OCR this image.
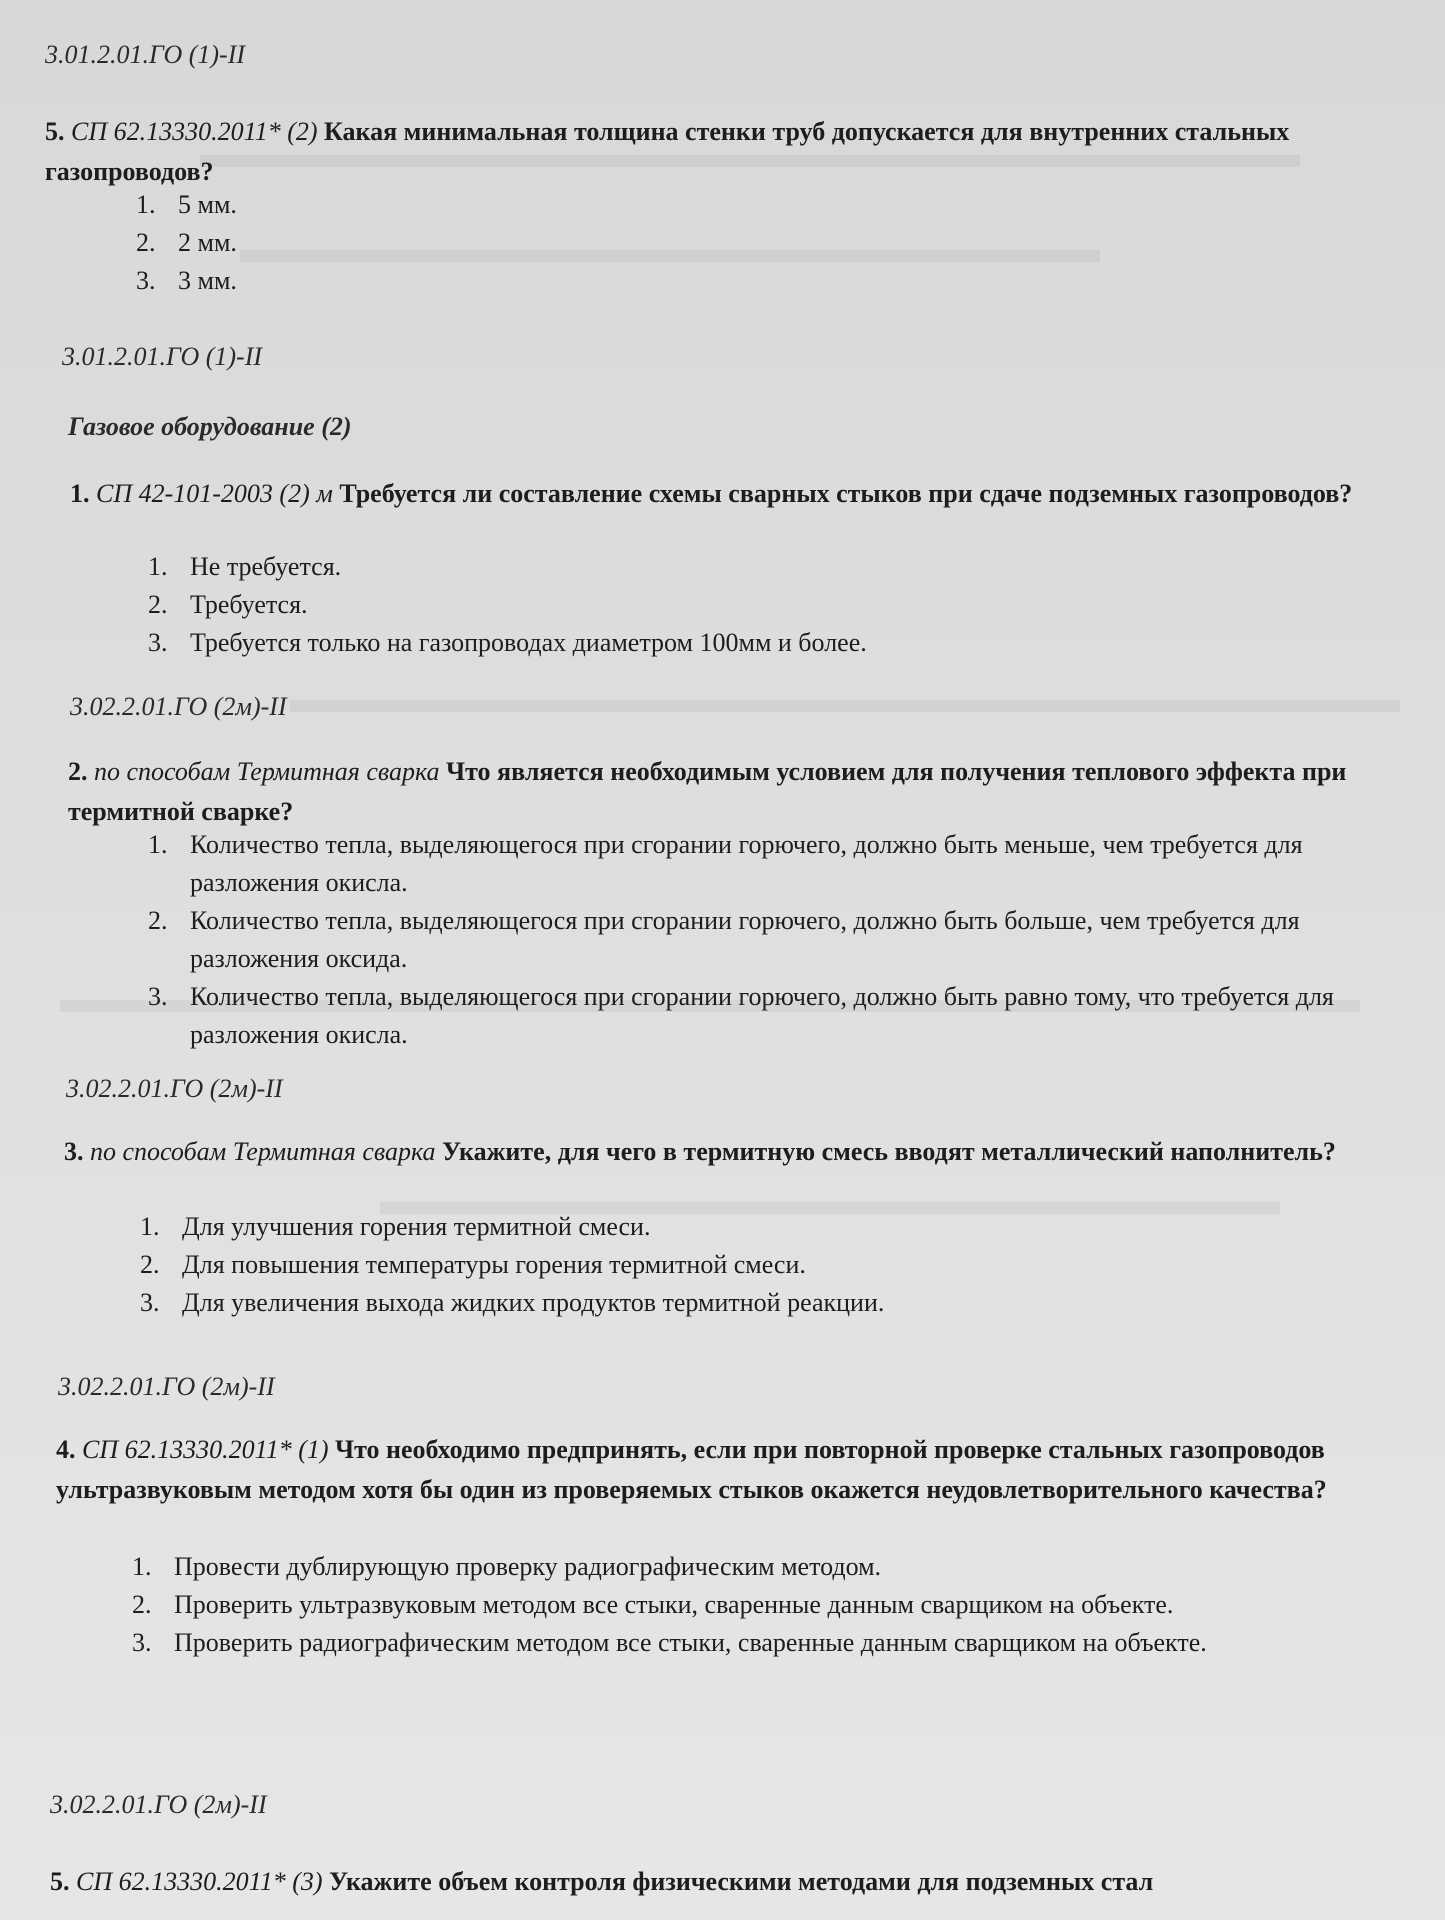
3.01.2.01.ГО (1)-II
5. СП 62.13330.2011* (2) Какая минимальная толщина стенки труб допускается для внутренних стальных газопроводов?
1. 5 мм.
2. 2 мм.
3. 3 мм.
3.01.2.01.ГО (1)-II
Газовое оборудование (2)
1. СП 42-101-2003 (2) м Требуется ли составление схемы сварных стыков при сдаче подземных газопроводов?
1. Не требуется.
2. Требуется.
3. Требуется только на газопроводах диаметром 100мм и более.
3.02.2.01.ГО (2м)-II
2. по способам Термитная сварка Что является необходимым условием для получения теплового эффекта при термитной сварке?
1. Количество тепла, выделяющегося при сгорании горючего, должно быть меньше, чем требуется для разложения окисла.
2. Количество тепла, выделяющегося при сгорании горючего, должно быть больше, чем требуется для разложения оксида.
3. Количество тепла, выделяющегося при сгорании горючего, должно быть равно тому, что требуется для разложения окисла.
3.02.2.01.ГО (2м)-II
3. по способам Термитная сварка Укажите, для чего в термитную смесь вводят металлический наполнитель?
1. Для улучшения горения термитной смеси.
2. Для повышения температуры горения термитной смеси.
3. Для увеличения выхода жидких продуктов термитной реакции.
3.02.2.01.ГО (2м)-II
4. СП 62.13330.2011* (1) Что необходимо предпринять, если при повторной проверке стальных газопроводов ультразвуковым методом хотя бы один из проверяемых стыков окажется неудовлетворительного качества?
1. Провести дублирующую проверку радиографическим методом.
2. Проверить ультразвуковым методом все стыки, сваренные данным сварщиком на объекте.
3. Проверить радиографическим методом все стыки, сваренные данным сварщиком на объекте.
3.02.2.01.ГО (2м)-II
5. СП 62.13330.2011* (3) Укажите объем контроля физическими методами для подземных стал
